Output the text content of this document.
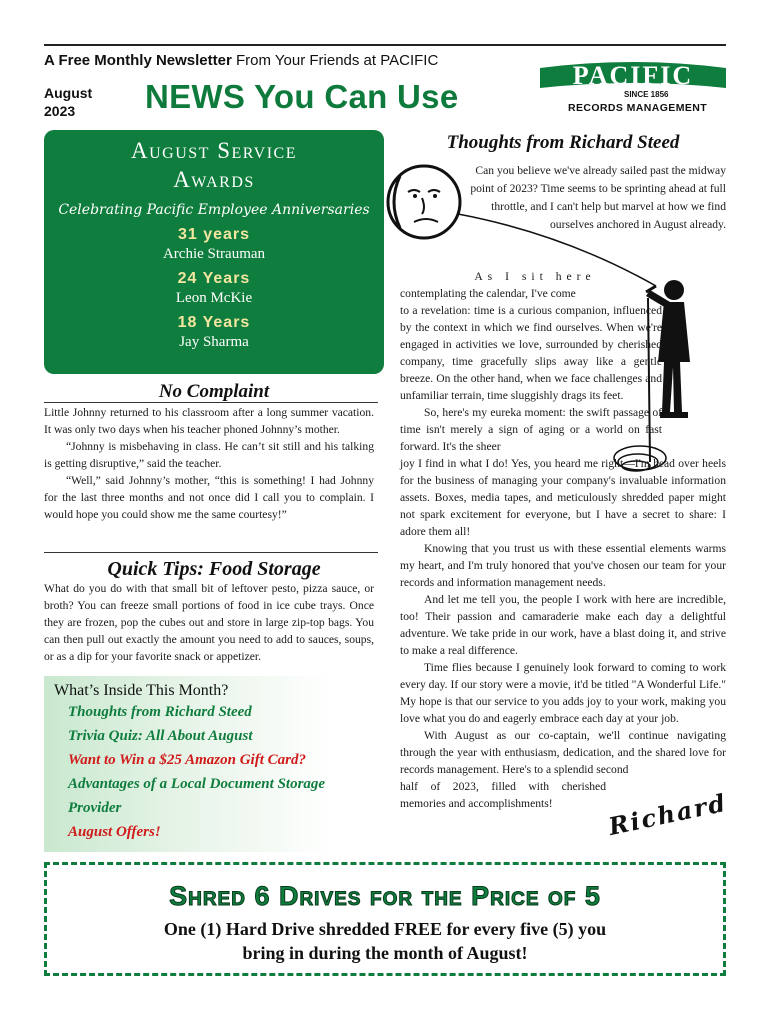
A Free Monthly Newsletter From Your Friends at PACIFIC
August
2023	NEWS You Can Use
PACIFIC
SINCE 1856
RECORDS MANAGEMENT
August Service
Awards
Celebrating Pacific Employee Anniversaries
31 years
Archie Strauman
24 Years
Leon McKie
18 Years
Jay Sharma
No Complaint

Little Johnny returned to his classroom after a long summer vacation. It was only two days when his teacher phoned Johnny’s mother.

“Johnny is misbehaving in class. He can’t sit still and his talking is getting disruptive,” said the teacher.

“Well,” said Johnny’s mother, “this is something! I had Johnny for the last three months and not once did I call you to complain. I would hope you could show me the same courtesy!”

Quick Tips: Food Storage
What do you do with that small bit of leftover pesto, pizza sauce, or broth? You can freeze small portions of food in ice cube trays. Once they are frozen, pop the cubes out and store in large zip-top bags. You can then pull out exactly the amount you need to add to sauces, soups, or as a dip for your favorite snack or appetizer.
What’s Inside This Month?
Thoughts from Richard Steed
Trivia Quiz: All About August
Want to Win a $25 Amazon Gift Card?
Advantages of a Local Document Storage
Provider
August Offers!
Thoughts from Richard Steed
Can you believe we've already sailed past the midway point of 2023? Time seems to be sprinting ahead at full throttle, and I can't help but marvel at how we find ourselves anchored in August already.

As I sit here

contemplating the calendar, I've come

to a revelation: time is a curious companion, influenced by the context in which we find ourselves. When we're engaged in activities we love, surrounded by cherished company, time gracefully slips away like a gentle breeze. On the other hand, when we face challenges and unfamiliar terrain, time sluggishly drags its feet.

So, here's my eureka moment: the swift passage of time isn't merely a sign of aging or a world on fast forward. It's the sheer

joy I find in what I do! Yes, you heard me right—I'm head over heels for the business of managing your company's invaluable information assets. Boxes, media tapes, and meticulously shredded paper might not spark excitement for everyone, but I have a secret to share: I adore them all!

Knowing that you trust us with these essential elements warms my heart, and I'm truly honored that you've chosen our team for your records and information management needs.

And let me tell you, the people I work with here are incredible, too! Their passion and camaraderie make each day a delightful adventure. We take pride in our work, have a blast doing it, and strive to make a real difference.

Time flies because I genuinely look forward to coming to work every day. If our story were a movie, it'd be titled "A Wonderful Life." My hope is that our service to you adds joy to your work, making you love what you do and eagerly embrace each day at your job.

With August as our co-captain, we'll continue navigating through the year with enthusiasm, dedication, and the shared love for records management. Here's to a splendid second

half of 2023, filled with cherished memories and accomplishments!	Richard
Shred 6 Drives for the Price of 5
One (1) Hard Drive shredded FREE for every five (5) you
bring in during the month of August!
